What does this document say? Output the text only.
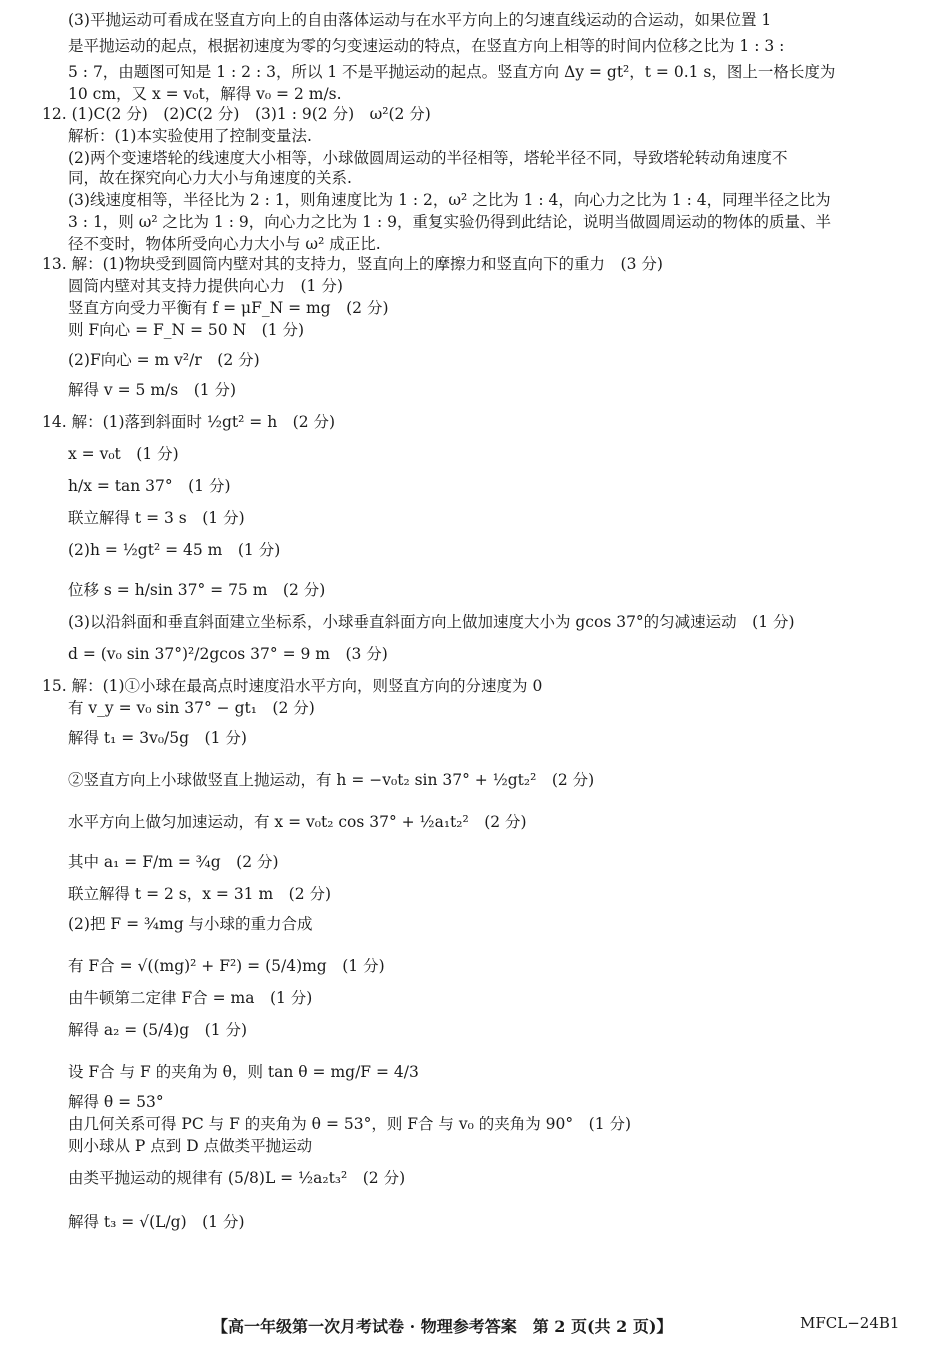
(3)平抛运动可看成在竖直方向上的自由落体运动与在水平方向上的匀速直线运动的合运动，如果位置 1
是平抛运动的起点，根据初速度为零的匀变速运动的特点，在竖直方向上相等的时间内位移之比为 1 : 3 :
5 : 7，由题图可知是 1 : 2 : 3，所以 1 不是平抛运动的起点。竖直方向 Δy = gt²，t = 0.1 s，图上一格长度为
10 cm，又 x = v₀t，解得 v₀ = 2 m/s.
12. (1)C(2 分)　(2)C(2 分)　(3)1 : 9(2 分)　ω²(2 分)
解析：(1)本实验使用了控制变量法.
(2)两个变速塔轮的线速度大小相等，小球做圆周运动的半径相等，塔轮半径不同，导致塔轮转动角速度不
同，故在探究向心力大小与角速度的关系.
(3)线速度相等，半径比为 2 : 1，则角速度比为 1 : 2，ω² 之比为 1 : 4，向心力之比为 1 : 4，同理半径之比为
3 : 1，则 ω² 之比为 1 : 9，向心力之比为 1 : 9，重复实验仍得到此结论，说明当做圆周运动的物体的质量、半
径不变时，物体所受向心力大小与 ω² 成正比.
13. 解：(1)物块受到圆筒内壁对其的支持力，竖直向上的摩擦力和竖直向下的重力　(3 分)
圆筒内壁对其支持力提供向心力　(1 分)
竖直方向受力平衡有 f = μF_N = mg　(2 分)
则 F向心 = F_N = 50 N　(1 分)
(2)F向心 = m v²/r　(2 分)
解得 v = 5 m/s　(1 分)
14. 解：(1)落到斜面时 ½gt² = h　(2 分)
x = v₀t　(1 分)
h/x = tan 37°　(1 分)
联立解得 t = 3 s　(1 分)
(2)h = ½gt² = 45 m　(1 分)
位移 s = h/sin 37° = 75 m　(2 分)
(3)以沿斜面和垂直斜面建立坐标系，小球垂直斜面方向上做加速度大小为 gcos 37°的匀减速运动　(1 分)
d = (v₀ sin 37°)²/2gcos 37° = 9 m　(3 分)
15. 解：(1)①小球在最高点时速度沿水平方向，则竖直方向的分速度为 0
有 v_y = v₀ sin 37° − gt₁　(2 分)
解得 t₁ = 3v₀/5g　(1 分)
②竖直方向上小球做竖直上抛运动，有 h = −v₀t₂ sin 37° + ½gt₂²　(2 分)
水平方向上做匀加速运动，有 x = v₀t₂ cos 37° + ½a₁t₂²　(2 分)
其中 a₁ = F/m = ¾g　(2 分)
联立解得 t = 2 s，x = 31 m　(2 分)
(2)把 F = ¾mg 与小球的重力合成
有 F合 = √((mg)² + F²) = (5/4)mg　(1 分)
由牛顿第二定律 F合 = ma　(1 分)
解得 a₂ = (5/4)g　(1 分)
设 F合 与 F 的夹角为 θ，则 tan θ = mg/F = 4/3
解得 θ = 53°
由几何关系可得 PC 与 F 的夹角为 θ = 53°，则 F合 与 v₀ 的夹角为 90°　(1 分)
则小球从 P 点到 D 点做类平抛运动
由类平抛运动的规律有 (5/8)L = ½a₂t₃²　(2 分)
解得 t₃ = √(L/g)　(1 分)
【高一年级第一次月考试卷 · 物理参考答案　第 2 页(共 2 页)】	MFCL−24B1
